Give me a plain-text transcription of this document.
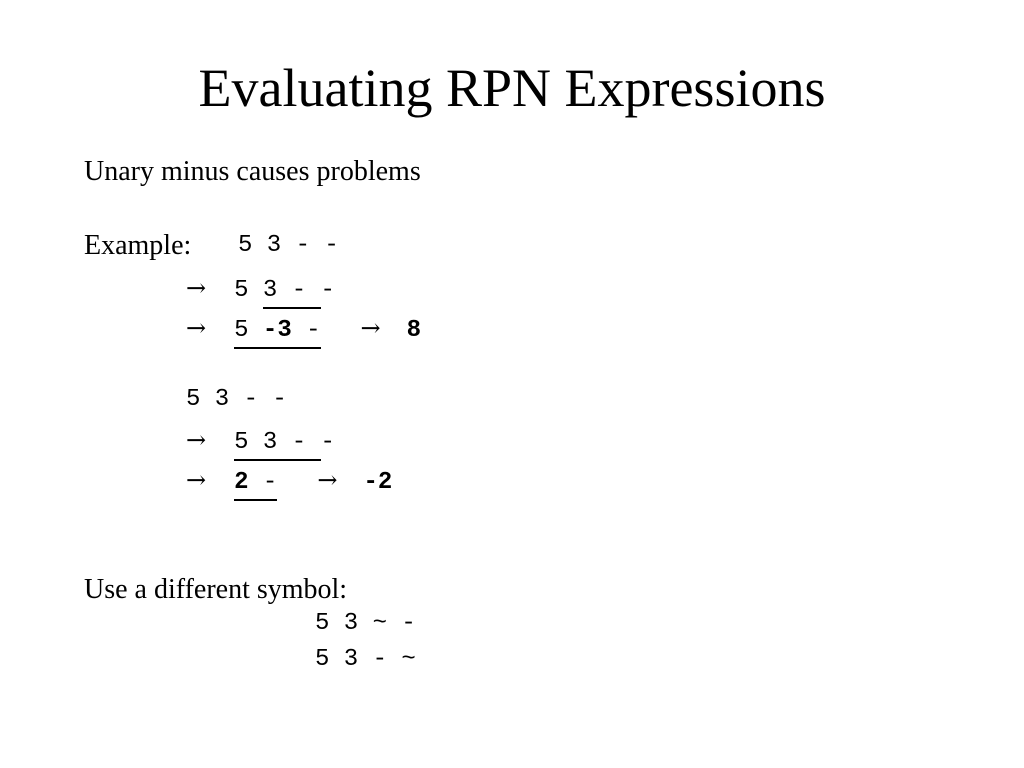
Evaluating RPN Expressions
Unary minus causes problems
Example: 5 3 - -
→ 5 3 - -
→ 5 -3 - → 8
5 3 - -
→ 5 3 - -
→ 2 - → -2
Use a different symbol:
5 3 ~ -
5 3 - ~
